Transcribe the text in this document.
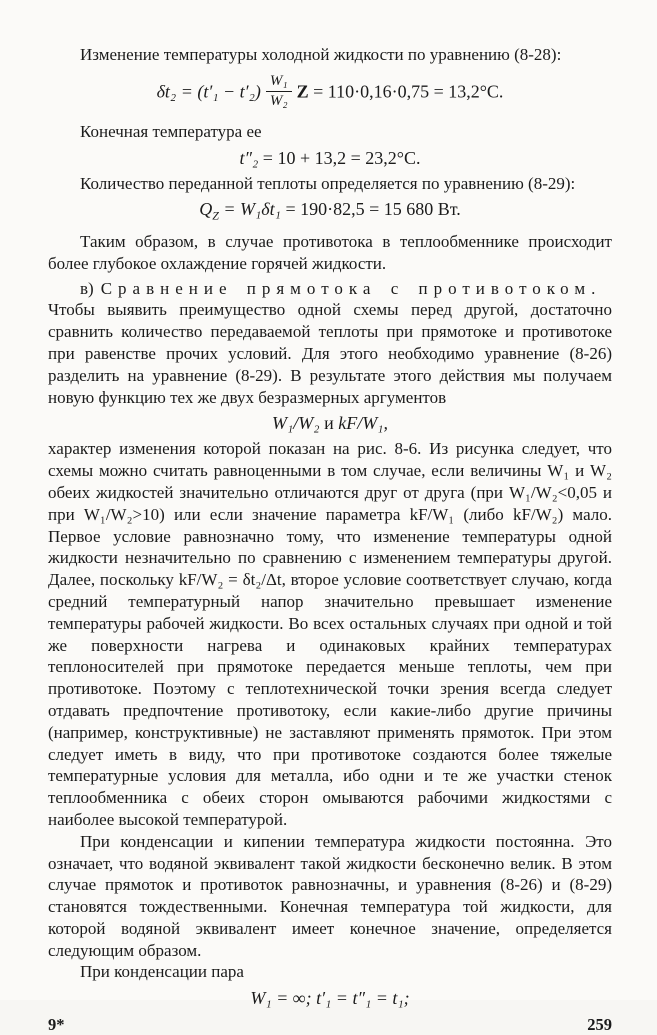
Изменение температуры холодной жидкости по уравнению (8-28):

$\delta t_2 = (t'_1 - t'_2) \frac{\text{W₁}}{\text{W₂}}$ Z = 110·0,16·0,75 = 13,2°C.

Конечная температура ее

t″₂ = 10 + 13,2 = 23,2°C.

Количество переданной теплоты определяется по уравнению (8-29):

$Q_Z = W_1\delta t_1 = 190\cdot 82,5 = 15$ 680 Вт.

Таким образом, в случае противотока в теплообменнике происходит более глубокое охлаждение горячей жидкости.

в) Сравнение прямотока с противотоком.

Чтобы выявить преимущество одной схемы перед другой, достаточно сравнить количество передаваемой теплоты при прямотоке и противотоке при равенстве прочих условий. Для этого необходимо уравнение (8-26) разделить на уравнение (8-29). В результате этого действия мы получаем новую функцию тех же двух безразмерных аргументов

W₁/W₂ и kF/W₁,

характер изменения которой показан на рис. 8-6. Из рисунка следует, что схемы можно считать равноценными в том случае, если величины W₁ и W₂ обеих жидкостей значительно отличаются друг от друга (при W₁/W₂<0,05 и при W₁/W₂>10) или если значение параметра kF/W₁ (либо kF/W₂) мало. Первое условие равнозначно тому, что изменение температуры одной жидкости незначительно по сравнению с изменением температуры другой. Далее, поскольку kF/W₂ = δt₂/Δt, второе условие соответствует случаю, когда средний температурный напор значительно превышает изменение температуры рабочей жидкости. Во всех остальных случаях при одной и той же поверхности нагрева и одинаковых крайних температурах теплоносителей при прямотоке передается меньше теплоты, чем при противотоке. Поэтому с теплотехнической точки зрения всегда следует отдавать предпочтение противотоку, если какие-либо другие причины (например, конструктивные) не заставляют применять прямоток. При этом следует иметь в виду, что при противотоке создаются более тяжелые температурные условия для металла, ибо одни и те же участки стенок теплообменника с обеих сторон омываются рабочими жидкостями с наиболее высокой температурой.

При конденсации и кипении температура жидкости постоянна. Это означает, что водяной эквивалент такой жидкости бесконечно велик. В этом случае прямоток и противоток равнозначны, и уравнения (8-26) и (8-29) становятся тождественными. Конечная температура той жидкости, для которой водяной эквивалент имеет конечное значение, определяется следующим образом.

При конденсации пара

W₁ = ∞; t′₁ = t″₁ = t₁;
9*	259
